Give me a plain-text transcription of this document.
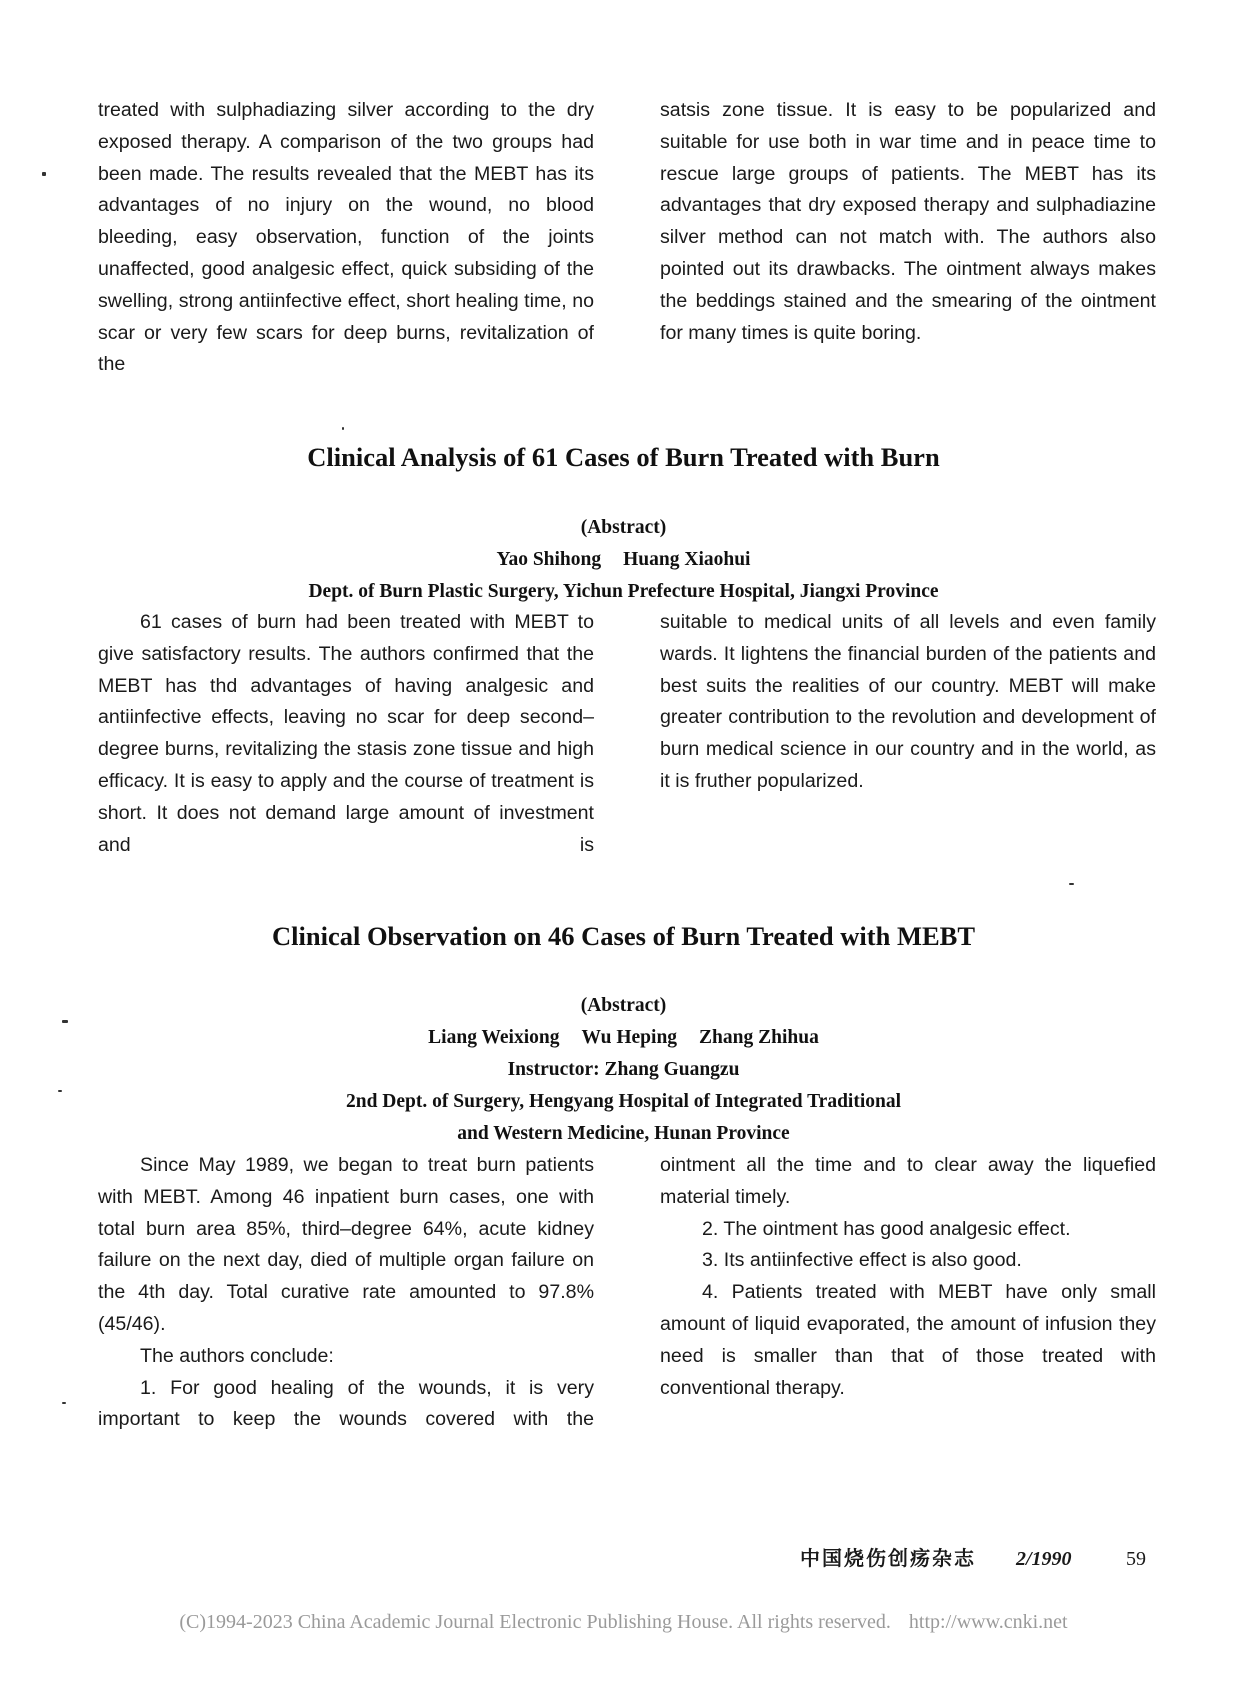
treated with sulphadiazing silver according to the dry exposed therapy. A comparison of the two groups had been made. The results revealed that the MEBT has its advantages of no injury on the wound, no blood bleeding, easy observation, function of the joints unaffected, good analgesic effect, quick subsiding of the swelling, strong antiinfective effect, short healing time, no scar or very few scars for deep burns, revitalization of the

satsis zone tissue. It is easy to be popularized and suitable for use both in war time and in peace time to rescue large groups of patients. The MEBT has its advantages that dry exposed therapy and sulphadiazine silver method can not match with. The authors also pointed out its drawbacks. The ointment always makes the beddings stained and the smearing of the ointment for many times is quite boring.

Clinical Analysis of 61 Cases of Burn Treated with Burn
(Abstract)
Yao Shihong Huang Xiaohui
Dept. of Burn Plastic Surgery, Yichun Prefecture Hospital, Jiangxi Province

61 cases of burn had been treated with MEBT to give satisfactory results. The authors confirmed that the MEBT has thd advantages of having analgesic and antiinfective effects, leaving no scar for deep second–degree burns, revitalizing the stasis zone tissue and high efficacy. It is easy to apply and the course of treatment is short. It does not demand large amount of investment and is

suitable to medical units of all levels and even family wards. It lightens the financial burden of the patients and best suits the realities of our country. MEBT will make greater contribution to the revolution and development of burn medical science in our country and in the world, as it is fruther popularized.

Clinical Observation on 46 Cases of Burn Treated with MEBT
(Abstract)
Liang Weixiong Wu Heping Zhang Zhihua
Instructor: Zhang Guangzu
2nd Dept. of Surgery, Hengyang Hospital of Integrated Traditional
and Western Medicine, Hunan Province

Since May 1989, we began to treat burn patients with MEBT. Among 46 inpatient burn cases, one with total burn area 85%, third–degree 64%, acute kidney failure on the next day, died of multiple organ failure on the 4th day. Total curative rate amounted to 97.8%(45/46).

The authors conclude:

1. For good healing of the wounds, it is very important to keep the wounds covered with the

ointment all the time and to clear away the liquefied material timely.

2. The ointment has good analgesic effect.

3. Its antiinfective effect is also good.

4. Patients treated with MEBT have only small amount of liquid evaporated, the amount of infusion they need is smaller than that of those treated with conventional therapy.

中国烧伤创疡杂志 2/1990	59
(C)1994-2023 China Academic Journal Electronic Publishing House. All rights reserved. http://www.cnki.net
